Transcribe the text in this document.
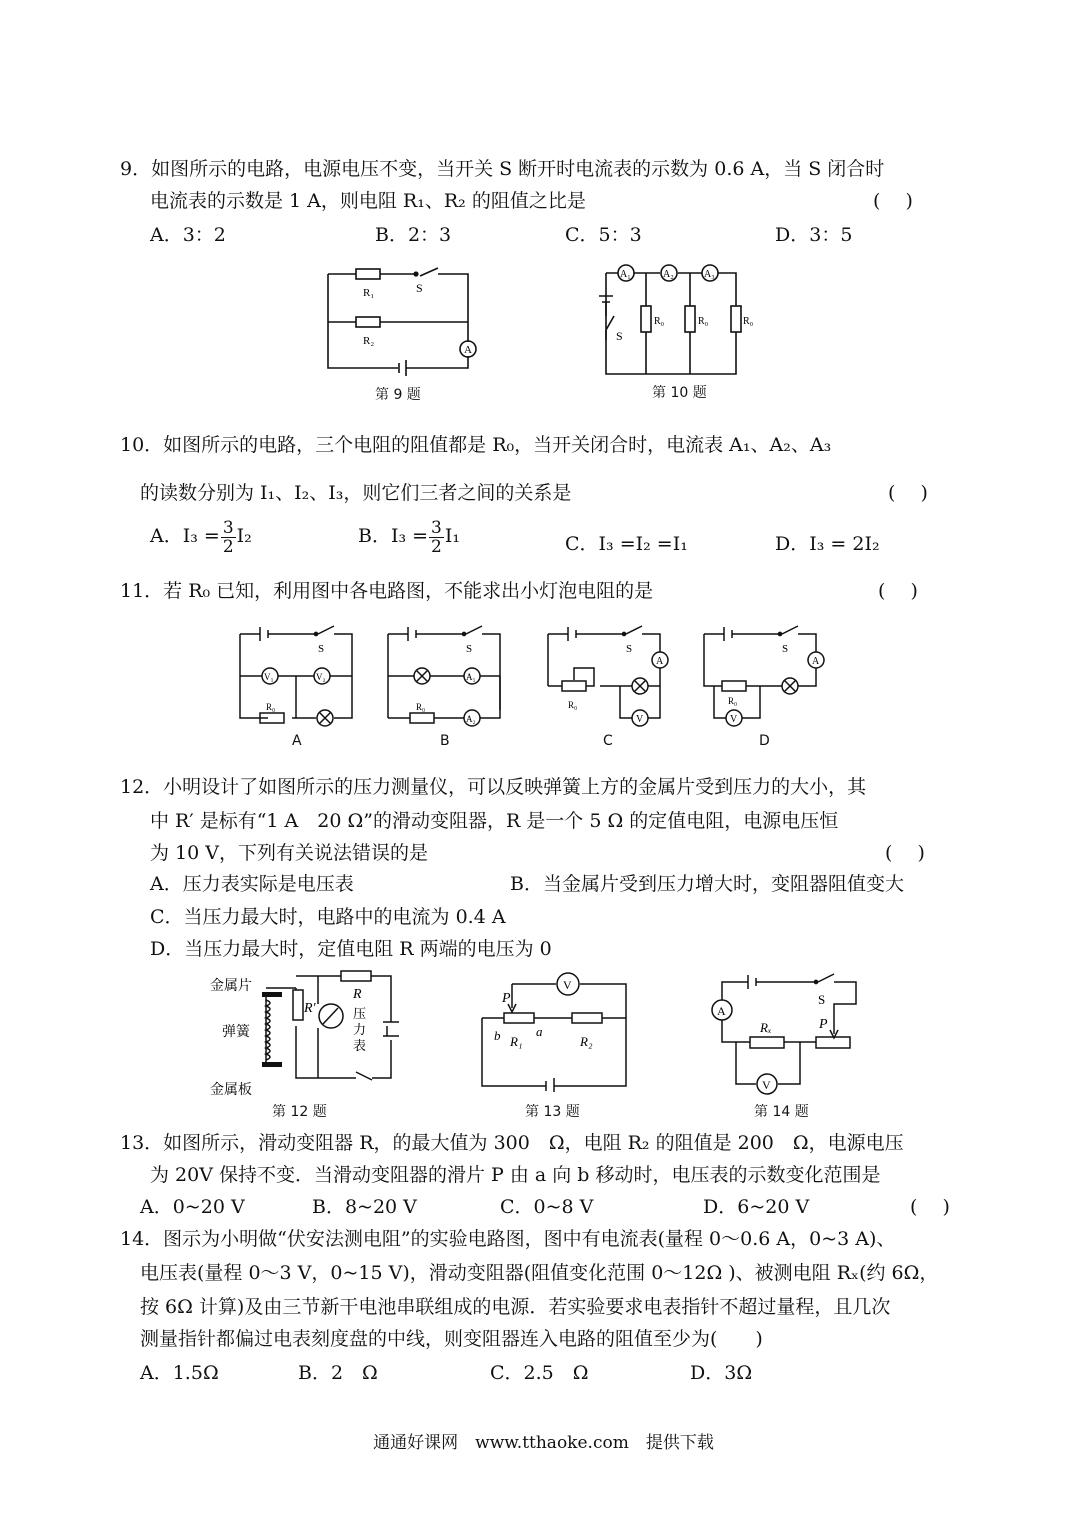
9．如图所示的电路，电源电压不变，当开关 S 断开时电流表的示数为 0.6 A，当 S 闭合时
电流表的示数是 1 A，则电阻 R₁、R₂ 的阻值之比是	(　 )
A．3：2	B．2：3	C．5：3	D．3：5
R₁	S
R₂
A
第 9 题
A₁	A₂	A₃
S
R₀	R₀	R₀
第 10 题
10．如图所示的电路，三个电阻的阻值都是 R₀，当开关闭合时，电流表 A₁、A₂、A₃
的读数分别为 I₁、I₂、I₃，则它们三者之间的关系是	(　 )
A．$I_3 = \frac{3}{2} I_2$	B．$I_3 = \frac{3}{2} I_1$	C．I₃ =I₂ =I₁	D．I₃ = 2I₂
11．若 R₀ 已知，利用图中各电路图，不能求出小灯泡电阻的是	(　 )
S
V₁	V₂
R₀
A
S
A₁
R₀
A₂
B
S
A
R₀
V
C
S
A
R₀
V
D
12．小明设计了如图所示的压力测量仪，可以反映弹簧上方的金属片受到压力的大小，其
中 R′ 是标有“1 A　20 Ω”的滑动变阻器，R 是一个 5 Ω 的定值电阻，电源电压恒
为 10 V，下列有关说法错误的是	(　 )
A．压力表实际是电压表	B．当金属片受到压力增大时，变阻器阻值变大
C．当压力最大时，电路中的电流为 0.4 A
D．当压力最大时，定值电阻 R 两端的电压为 0
金属片
弹簧
金属板
R′
R
压
力
表
第 12 题
P
b	a
R₁	R₂
V
第 13 题
A
S
Rₓ	P
V
第 14 题
13．如图所示，滑动变阻器 R，的最大值为 300　Ω，电阻 R₂ 的阻值是 200　Ω，电源电压
为 20V 保持不变．当滑动变阻器的滑片 P 由 a 向 b 移动时，电压表的示数变化范围是
A．0~20 V	B．8~20 V	C．0~8 V	D．6~20 V	(　 )
14．图示为小明做“伏安法测电阻”的实验电路图，图中有电流表(量程 0～0.6 A，0~3 A)、
电压表(量程 0～3 V，0~15 V)，滑动变阻器(阻值变化范围 0～12Ω )、被测电阻 Rₓ(约 6Ω，
按 6Ω 计算)及由三节新干电池串联组成的电源．若实验要求电表指针不超过量程，且几次
测量指针都偏过电表刻度盘的中线，则变阻器连入电路的阻值至少为(　　)
A．1.5Ω	B．2　Ω	C．2.5　Ω	D．3Ω
通通好课网　www.tthaoke.com　提供下载
